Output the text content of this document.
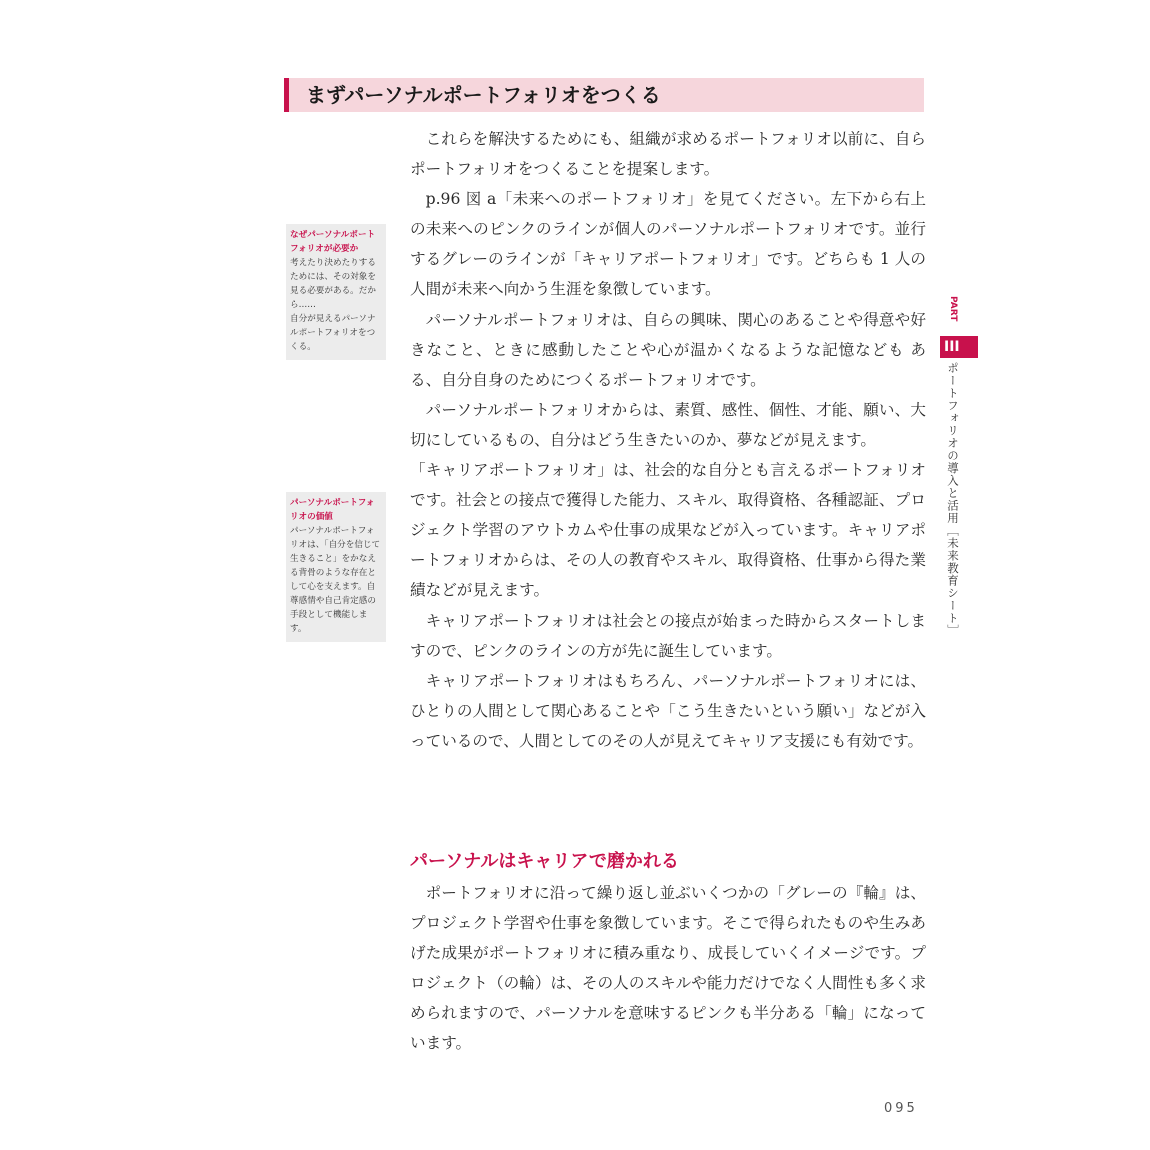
まずパーソナルポートフォリオをつくる
なぜパーソナルポートフォリオが必要か
考えたり決めたりするためには、その対象を見る必要がある。だから……
自分が見えるパーソナルポートフォリオをつくる。
パーソナルポートフォリオの価値
パーソナルポートフォリオは、「自分を信じて生きること」をかなえる背骨のような存在として心を支えます。自尊感情や自己肯定感の手段として機能します。

これらを解決するためにも、組織が求めるポートフォリオ以前に、自らポートフォリオをつくることを提案します。

p.96 図 a「未来へのポートフォリオ」を見てください。左下から右上の未来へのピンクのラインが個人のパーソナルポートフォリオです。並行するグレーのラインが「キャリアポートフォリオ」です。どちらも 1 人の人間が未来へ向かう生涯を象徴しています。

パーソナルポートフォリオは、自らの興味、関心のあることや得意や好きなこと、ときに感動したことや心が温かくなるような記憶なども ある、自分自身のためにつくるポートフォリオです。

パーソナルポートフォリオからは、素質、感性、個性、才能、願い、大切にしているもの、自分はどう生きたいのか、夢などが見えます。

「キャリアポートフォリオ」は、社会的な自分とも言えるポートフォリオです。社会との接点で獲得した能力、スキル、取得資格、各種認証、プロジェクト学習のアウトカムや仕事の成果などが入っています。キャリアポートフォリオからは、その人の教育やスキル、取得資格、仕事から得た業績などが見えます。

キャリアポートフォリオは社会との接点が始まった時からスタートしますので、ピンクのラインの方が先に誕生しています。

キャリアポートフォリオはもちろん、パーソナルポートフォリオには、ひとりの人間として関心あることや「こう生きたいという願い」などが入っているので、人間としてのその人が見えてキャリア支援にも有効です。

パーソナルはキャリアで磨かれる

ポートフォリオに沿って繰り返し並ぶいくつかの「グレーの『輪』は、プロジェクト学習や仕事を象徴しています。そこで得られたものや生みあげた成果がポートフォリオに積み重なり、成長していくイメージです。プロジェクト（の輪）は、その人のスキルや能力だけでなく人間性も多く求められますので、パーソナルを意味するピンクも半分ある「輪」になっています。

PART
III
ポートフォリオの導入と活用［未来教育シート］
095
